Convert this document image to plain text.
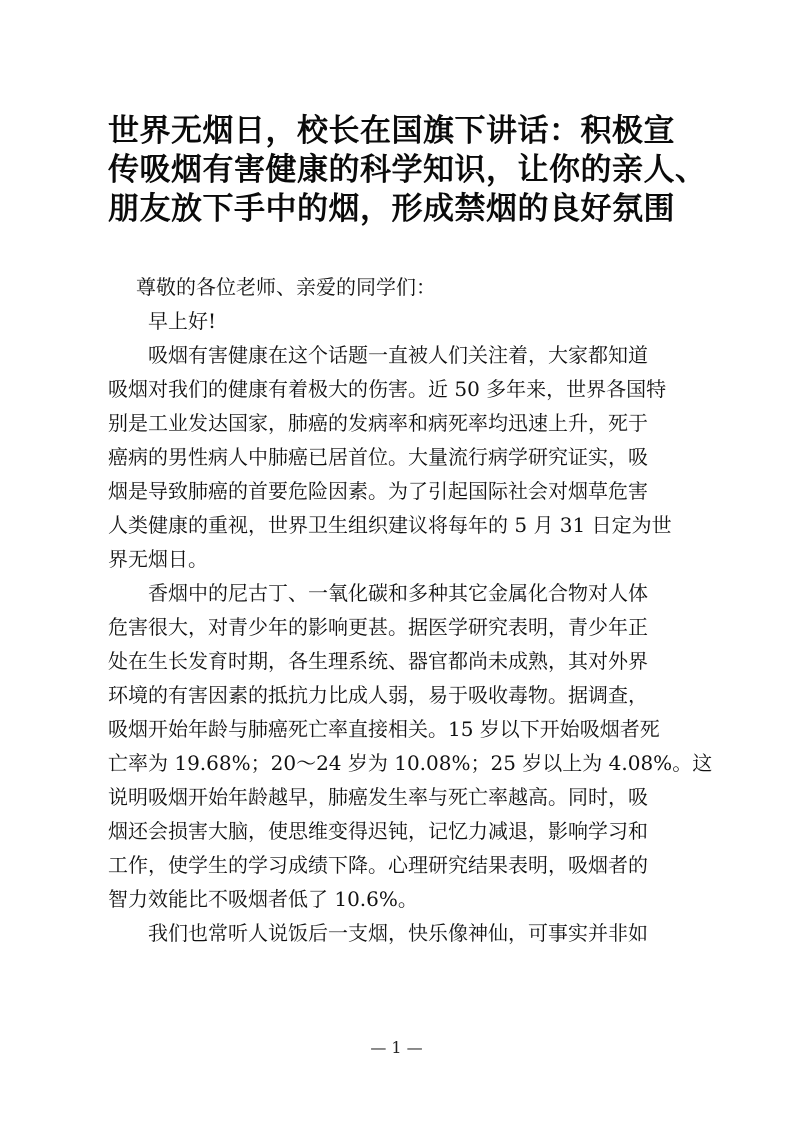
世界无烟日，校长在国旗下讲话：积极宣
传吸烟有害健康的科学知识，让你的亲人、
朋友放下手中的烟，形成禁烟的良好氛围
尊敬的各位老师、亲爱的同学们：
早上好!
吸烟有害健康在这个话题一直被人们关注着，大家都知道
吸烟对我们的健康有着极大的伤害。近 50 多年来，世界各国特
别是工业发达国家，肺癌的发病率和病死率均迅速上升，死于
癌病的男性病人中肺癌已居首位。大量流行病学研究证实，吸
烟是导致肺癌的首要危险因素。为了引起国际社会对烟草危害
人类健康的重视，世界卫生组织建议将每年的 5 月 31 日定为世
界无烟日。
香烟中的尼古丁、一氧化碳和多种其它金属化合物对人体
危害很大，对青少年的影响更甚。据医学研究表明，青少年正
处在生长发育时期，各生理系统、器官都尚未成熟，其对外界
环境的有害因素的抵抗力比成人弱，易于吸收毒物。据调查，
吸烟开始年龄与肺癌死亡率直接相关。15 岁以下开始吸烟者死
亡率为 19.68%；20～24 岁为 10.08%；25 岁以上为 4.08%。这
说明吸烟开始年龄越早，肺癌发生率与死亡率越高。同时，吸
烟还会损害大脑，使思维变得迟钝，记忆力减退，影响学习和
工作，使学生的学习成绩下降。心理研究结果表明，吸烟者的
智力效能比不吸烟者低了 10.6%。
我们也常听人说饭后一支烟，快乐像神仙，可事实并非如
— 1 —
